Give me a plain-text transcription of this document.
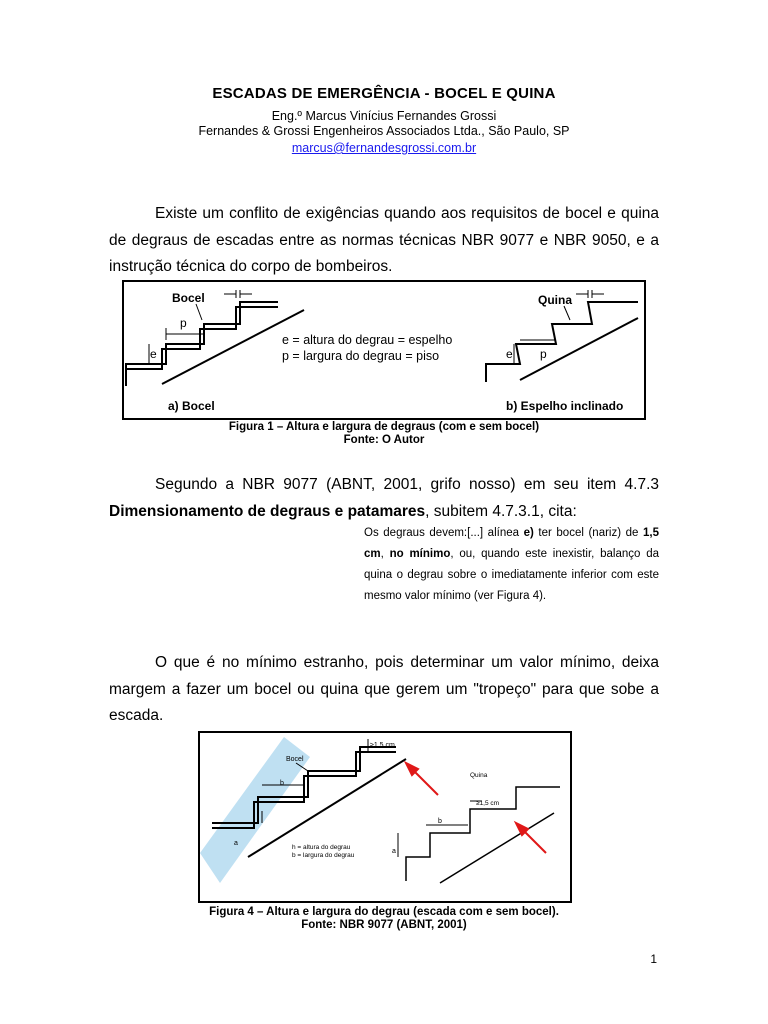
ESCADAS DE EMERGÊNCIA - BOCEL E QUINA
Eng.º Marcus Vinícius Fernandes Grossi
Fernandes & Grossi Engenheiros Associados Ltda., São Paulo, SP
marcus@fernandesgrossi.com.br
Existe um conflito de exigências quando aos requisitos de bocel e quina de degraus de escadas entre as normas técnicas NBR 9077 e NBR 9050, e a instrução técnica do corpo de bombeiros.
Bocel
p
e
e = altura do degrau = espelho
p = largura do degrau = piso
Quina
e p
a) Bocel	b) Espelho inclinado
Figura 1 – Altura e largura de degraus (com e sem bocel)
Fonte: O Autor
Segundo a NBR 9077 (ABNT, 2001, grifo nosso) em seu item 4.7.3 Dimensionamento de degraus e patamares, subitem 4.7.3.1, cita:
Os degraus devem:[...] alínea e) ter bocel (nariz) de 1,5 cm, no mínimo, ou, quando este inexistir, balanço da quina o degrau sobre o imediatamente inferior com este mesmo valor mínimo (ver Figura 4).
O que é no mínimo estranho, pois determinar um valor mínimo, deixa margem a fazer um bocel ou quina que gerem um "tropeço" para que sobe a escada.
Bocel
≥1,5 cm
b
a
h = altura do degrau
b = largura do degrau
Quina
≥1,5 cm
b
a
Figura 4 – Altura e largura do degrau (escada com e sem bocel).
Fonte: NBR 9077 (ABNT, 2001)
1
